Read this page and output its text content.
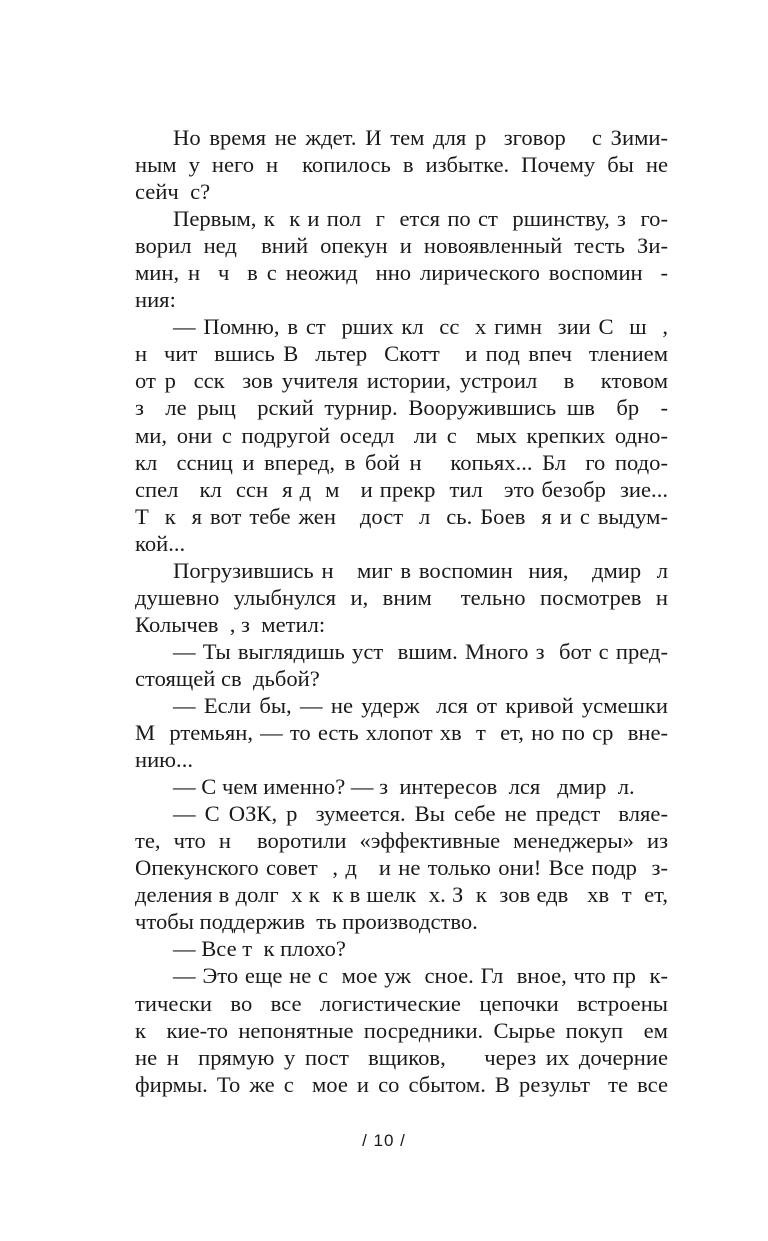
Но время не ждет. И тем для р  зговор   с Зими-
ным у него н  копилось в избытке. Почему бы не
сейч  с?
Первым, к  к и пол  г  ется по ст  ршинству, з  го-
ворил нед  вний опекун и новоявленный тесть Зи-
мин, н  ч  в с неожид  нно лирического воспомин  -
ния:
— Помню, в ст  рших кл  сс  х гимн  зии С  ш  ,
н  чит  вшись В  льтер  Скотт   и под впеч  тлением
от р  сск  зов учителя истории, устроил   в   ктовом
з  ле рыц  рский турнир. Вооружившись шв  бр  -
ми, они с подругой оседл  ли с  мых крепких одно-
кл  ссниц и вперед, в бой н   копьях... Бл  го подо-
спел   кл  ссн  я д  м   и прекр  тил   это безобр  зие...
Т  к  я вот тебе жен   дост  л  сь. Боев  я и с выдум-
кой...
Погрузившись н   миг в воспомин  ния,   дмир  л
душевно улыбнулся и, вним  тельно посмотрев н
Колычев  , з  метил:
— Ты выглядишь уст  вшим. Много з  бот с пред-
стоящей св  дьбой?
— Если бы, — не удерж  лся от кривой усмешки
М  ртемьян, — то есть хлопот хв  т  ет, но по ср  вне-
нию...
— С чем именно? — з  интересов  лся   дмир  л.
— С ОЗК, р  зумеется. Вы себе не предст  вляе-
те, что н  воротили «эффективные менеджеры» из
Опекунского совет  , д   и не только они! Все подр  з-
деления в долг  х к  к в шелк  х. З  к  зов едв   хв  т  ет,
чтобы поддержив  ть производство.
— Все т  к плохо?
— Это еще не с  мое уж  сное. Гл  вное, что пр  к-
тически во все логистические цепочки встроены
к  кие-то непонятные посредники. Сырье покуп  ем
не н  прямую у пост  вщиков,    через их дочерние
фирмы. То же с  мое и со сбытом. В результ  те все
/ 10 /
